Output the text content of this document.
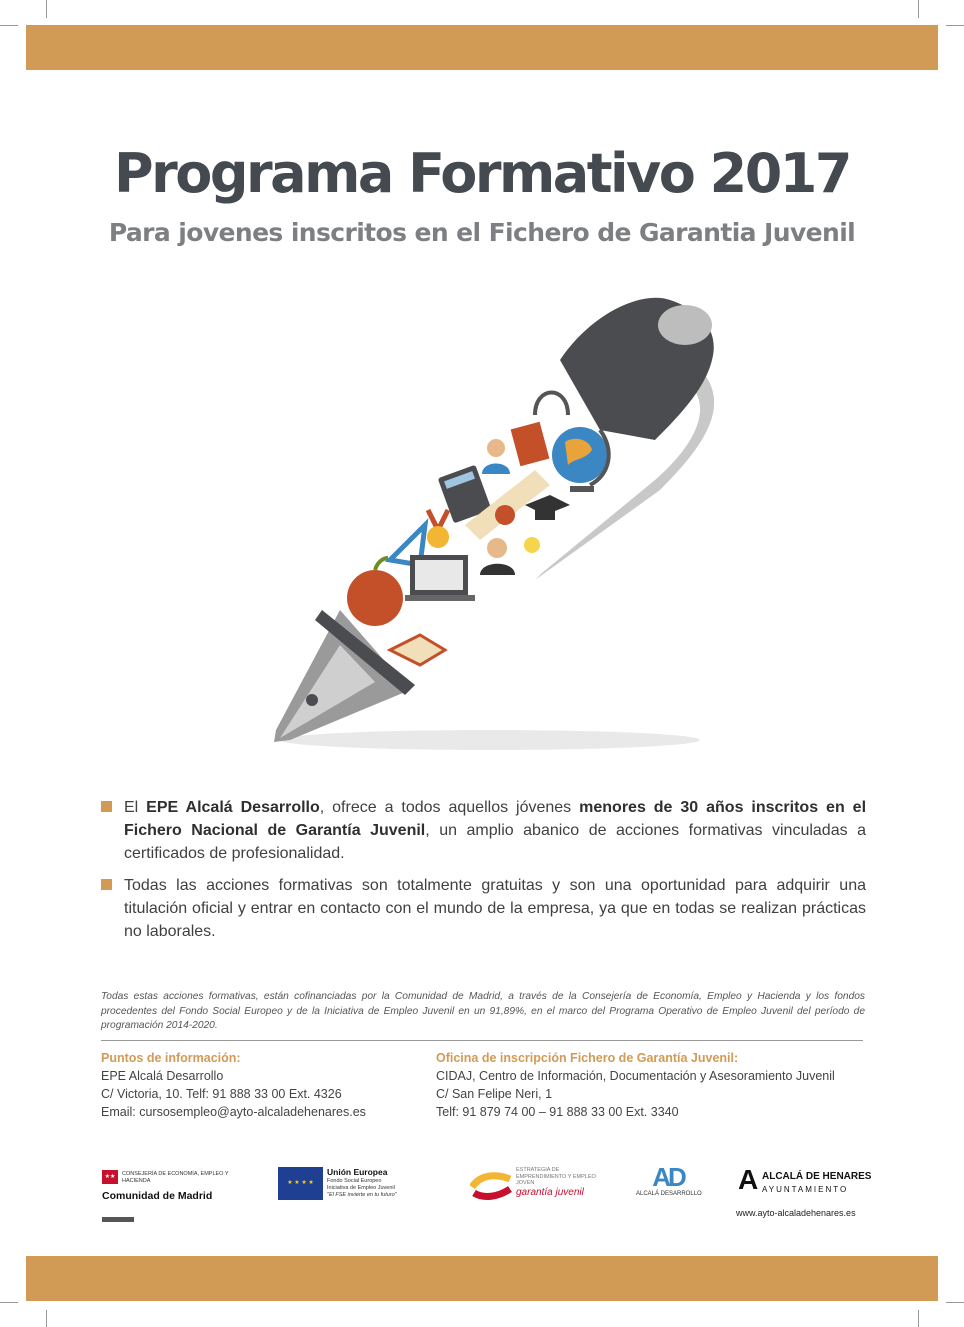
Programa Formativo 2017
Para jovenes inscritos en el Fichero de Garantia Juvenil
El EPE Alcalá Desarrollo, ofrece a todos aquellos jóvenes menores de 30 años inscritos en el Fichero Nacional de Garantía Juvenil, un amplio abanico de acciones formativas vinculadas a certificados de profesionalidad.
Todas las acciones formativas son totalmente gratuitas y son una oportunidad para adquirir una titulación oficial y entrar en contacto con el mundo de la empresa, ya que en todas se realizan prácticas no laborales.
Todas estas acciones formativas, están cofinanciadas por la Comunidad de Madrid, a través de la Consejería de Economía, Empleo y Hacienda y los fondos procedentes del Fondo Social Europeo y de la Iniciativa de Empleo Juvenil en un 91,89%, en el marco del Programa Operativo de Empleo Juvenil del período de programación 2014-2020.
Puntos de información:
EPE Alcalá Desarrollo
C/ Victoria, 10. Telf: 91 888 33 00 Ext. 4326
Email: cursosempleo@ayto-alcaladehenares.es
Oficina de inscripción Fichero de Garantía Juvenil:
CIDAJ, Centro de Información, Documentación y Asesoramiento Juvenil
C/ San Felipe Neri, 1
Telf: 91 879 74 00 – 91 888 33 00 Ext. 3340
★★	CONSEJERÍA DE ECONOMÍA, EMPLEO Y HACIENDA
Comunidad de Madrid
★ ★ ★ ★
Unión Europea
Fondo Social Europeo
Iniciativa de Empleo Juvenil
"El FSE invierte en tu futuro"
ESTRATEGIA DE EMPRENDIMIENTO Y EMPLEO JOVEN
garantía juvenil
AD
ALCALÁ DESARROLLO A ALCALÁ DE HENARES
AYUNTAMIENTO
www.ayto-alcaladehenares.es
